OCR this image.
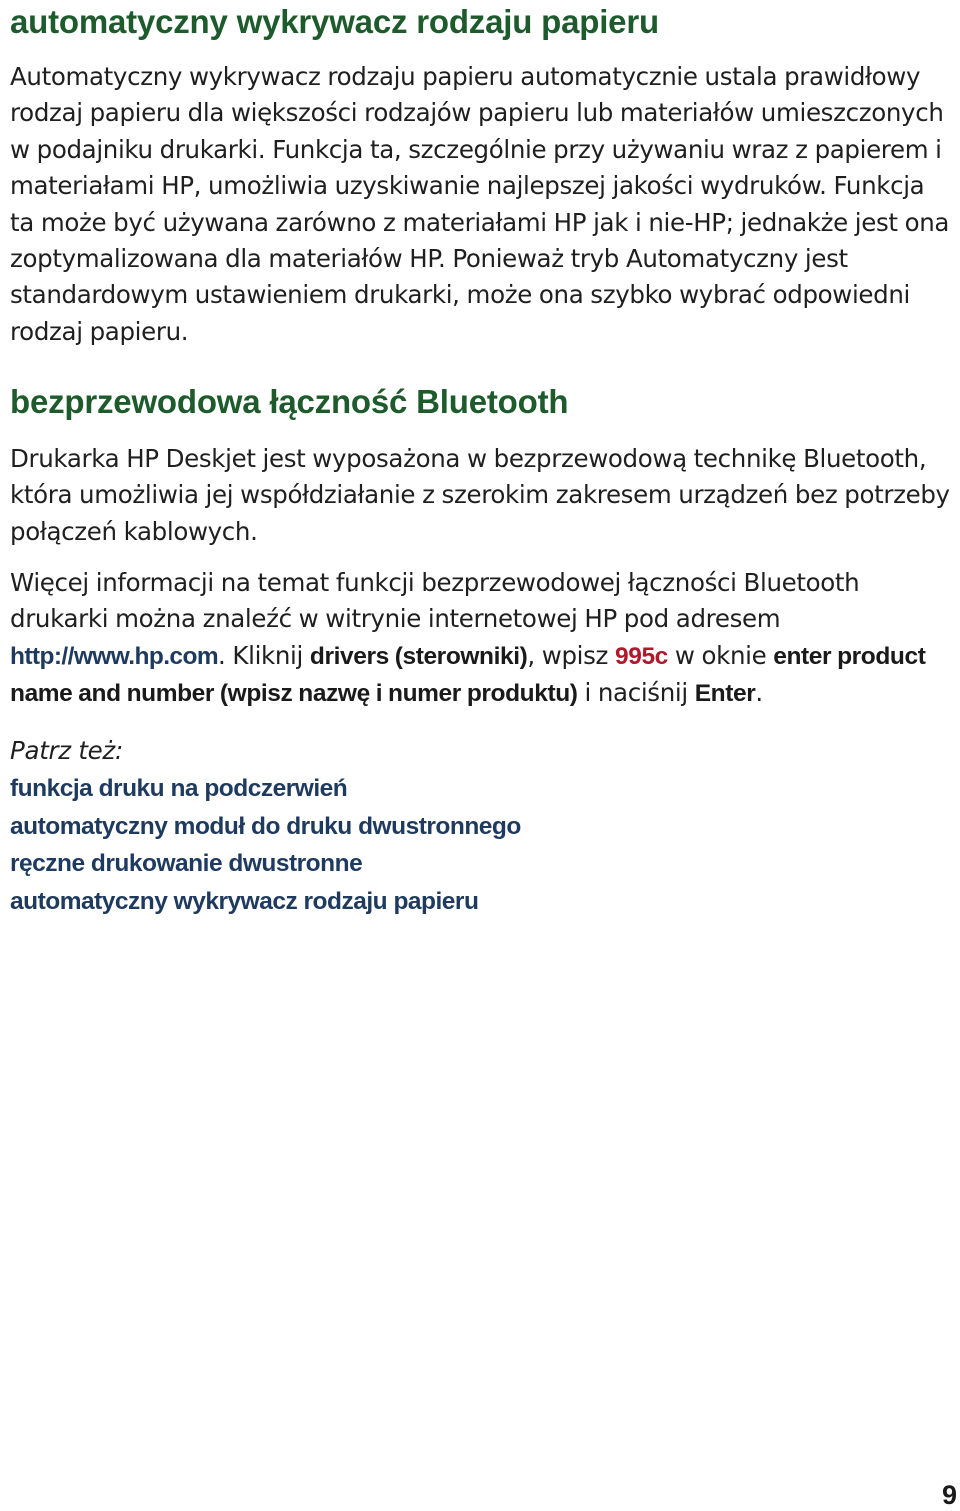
automatyczny wykrywacz rodzaju papieru

Automatyczny wykrywacz rodzaju papieru automatycznie ustala prawidłowy rodzaj papieru dla większości rodzajów papieru lub materiałów umieszczonych w podajniku drukarki. Funkcja ta, szczególnie przy używaniu wraz z papierem i materiałami HP, umożliwia uzyskiwanie najlepszej jakości wydruków. Funkcja ta może być używana zarówno z materiałami HP jak i nie-HP; jednakże jest ona zoptymalizowana dla materiałów HP. Ponieważ tryb Automatyczny jest standardowym ustawieniem drukarki, może ona szybko wybrać odpowiedni rodzaj papieru.

bezprzewodowa łączność Bluetooth

Drukarka HP Deskjet jest wyposażona w bezprzewodową technikę Bluetooth, która umożliwia jej współdziałanie z szerokim zakresem urządzeń bez potrzeby połączeń kablowych.

Więcej informacji na temat funkcji bezprzewodowej łączności Bluetooth drukarki można znaleźć w witrynie internetowej HP pod adresem http://www.hp.com. Kliknij drivers (sterowniki), wpisz 995c w oknie enter product name and number (wpisz nazwę i numer produktu) i naciśnij Enter.

Patrz też:
funkcja druku na podczerwień
automatyczny moduł do druku dwustronnego
ręczne drukowanie dwustronne
automatyczny wykrywacz rodzaju papieru
9
